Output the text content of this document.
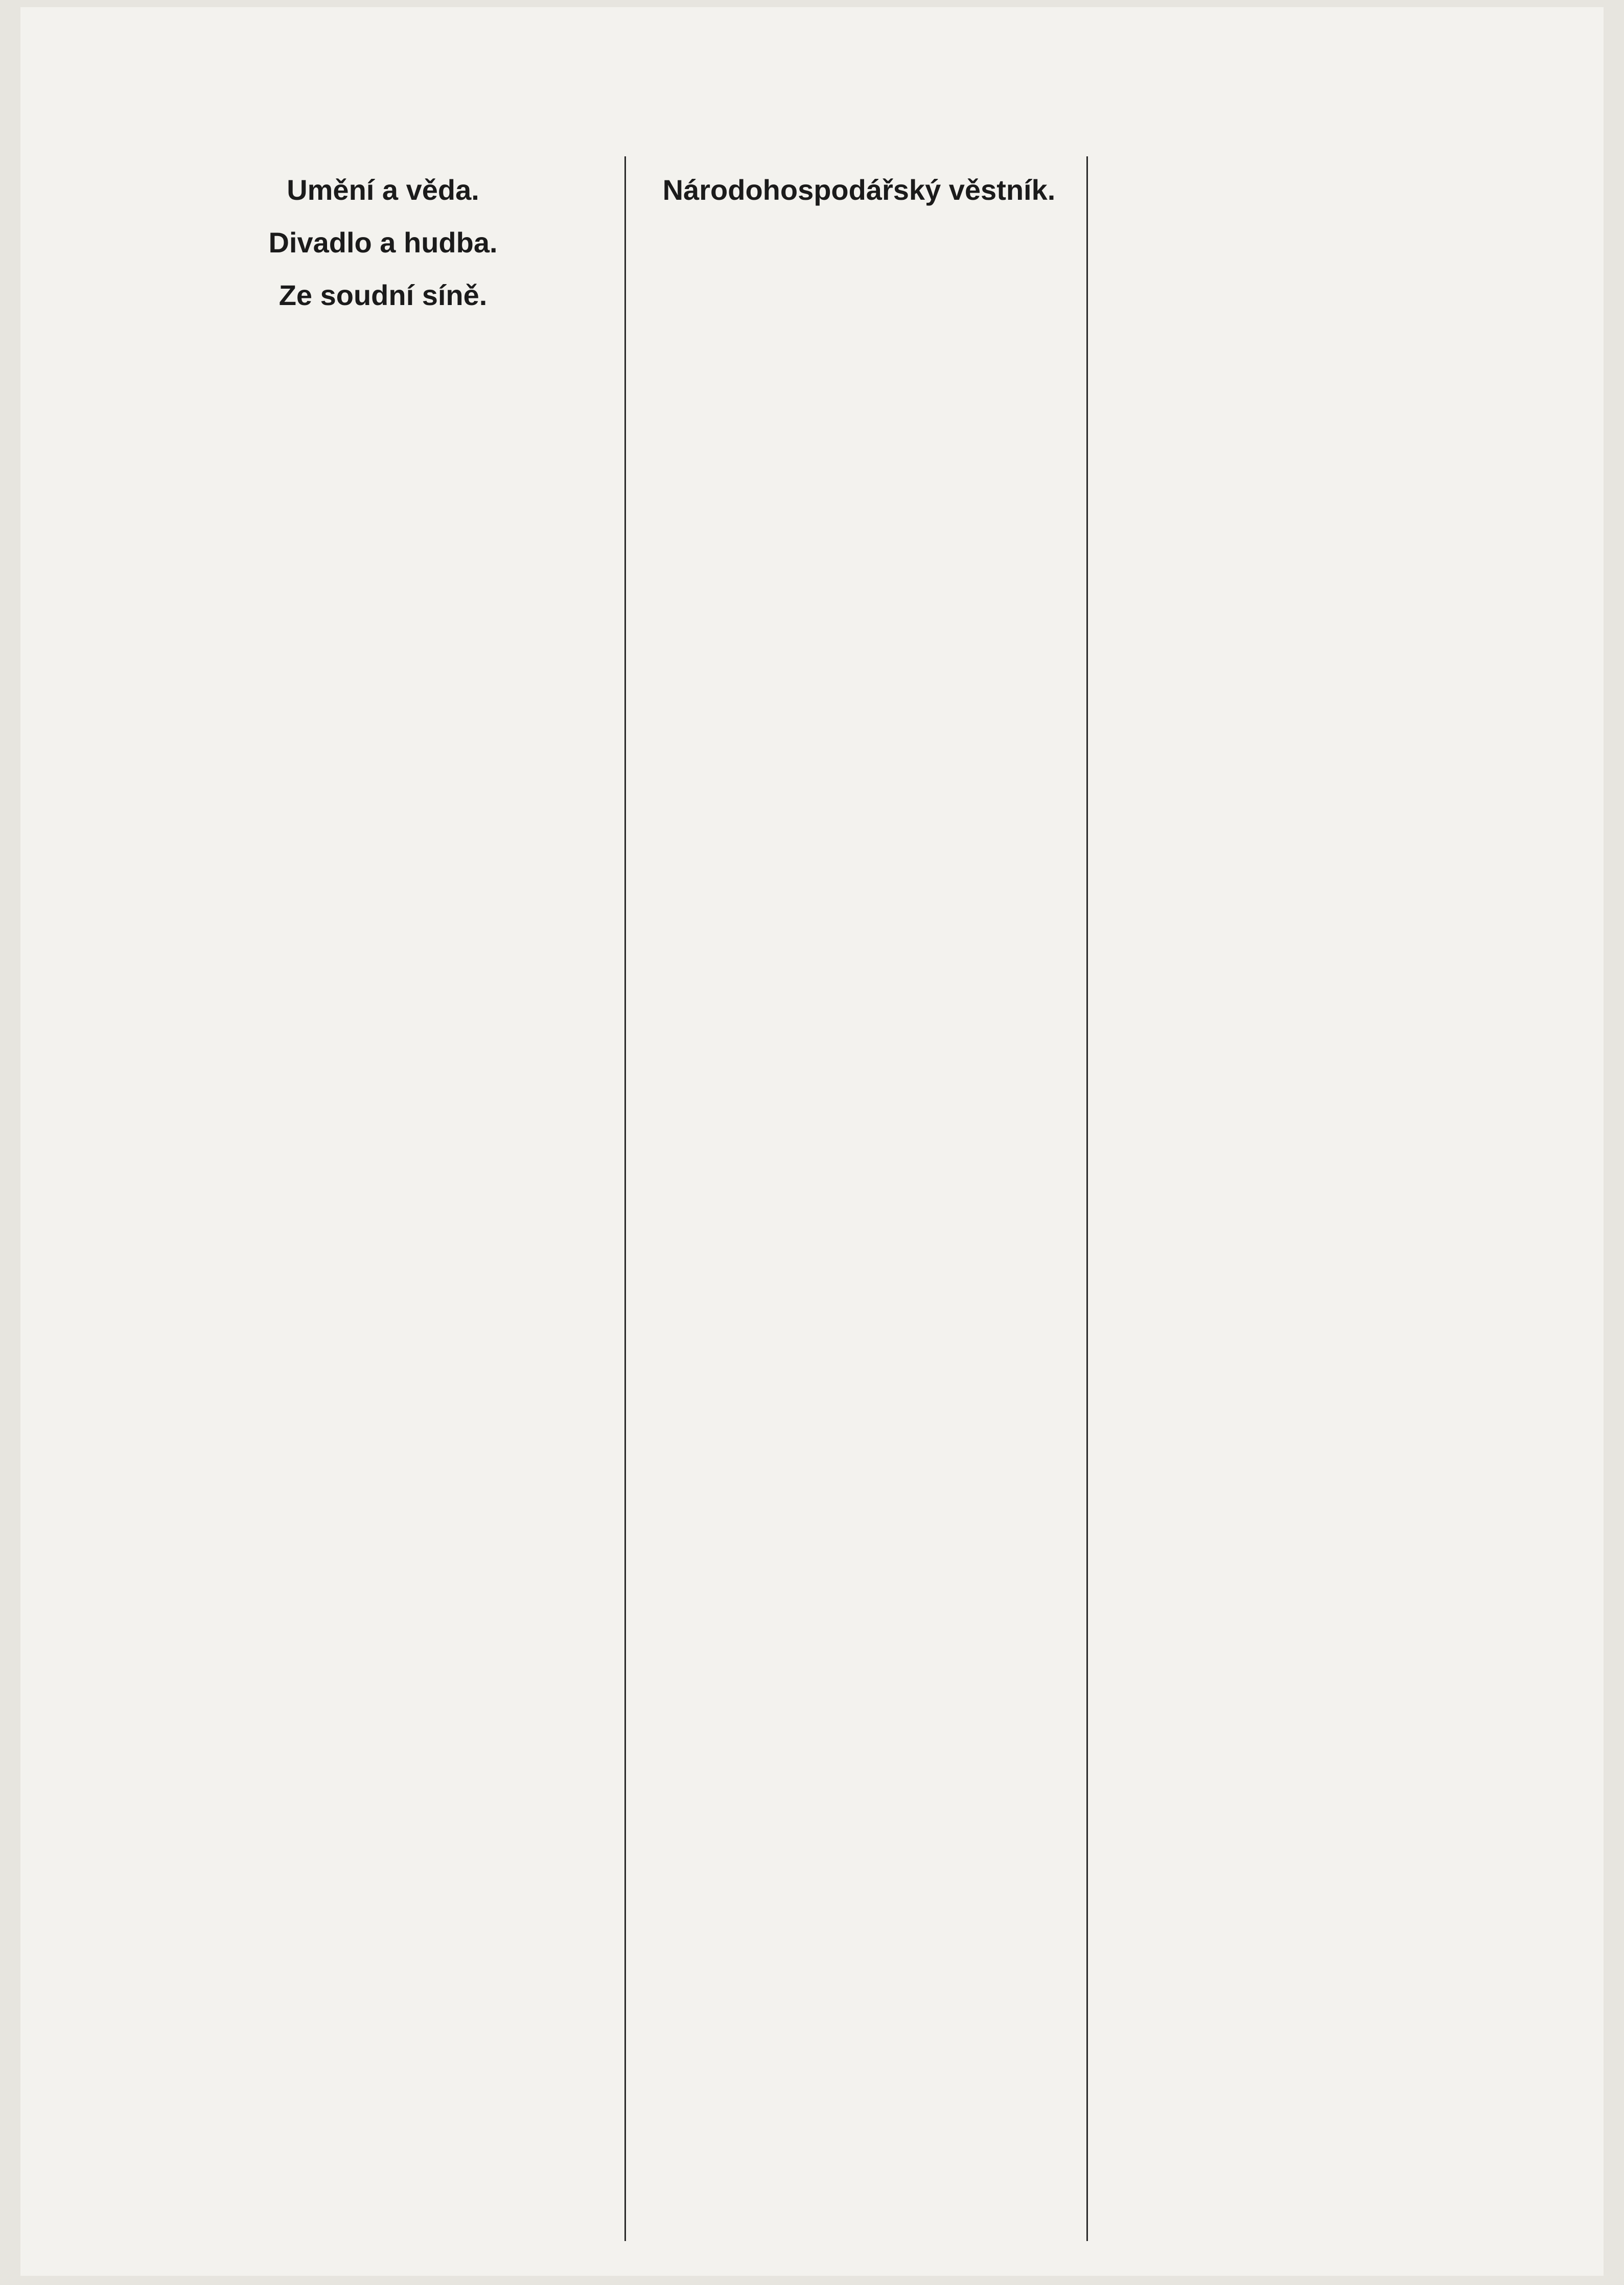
Umění a věda.
Divadlo a hudba.
Ze soudní síně.
Národohospodářský věstník.
